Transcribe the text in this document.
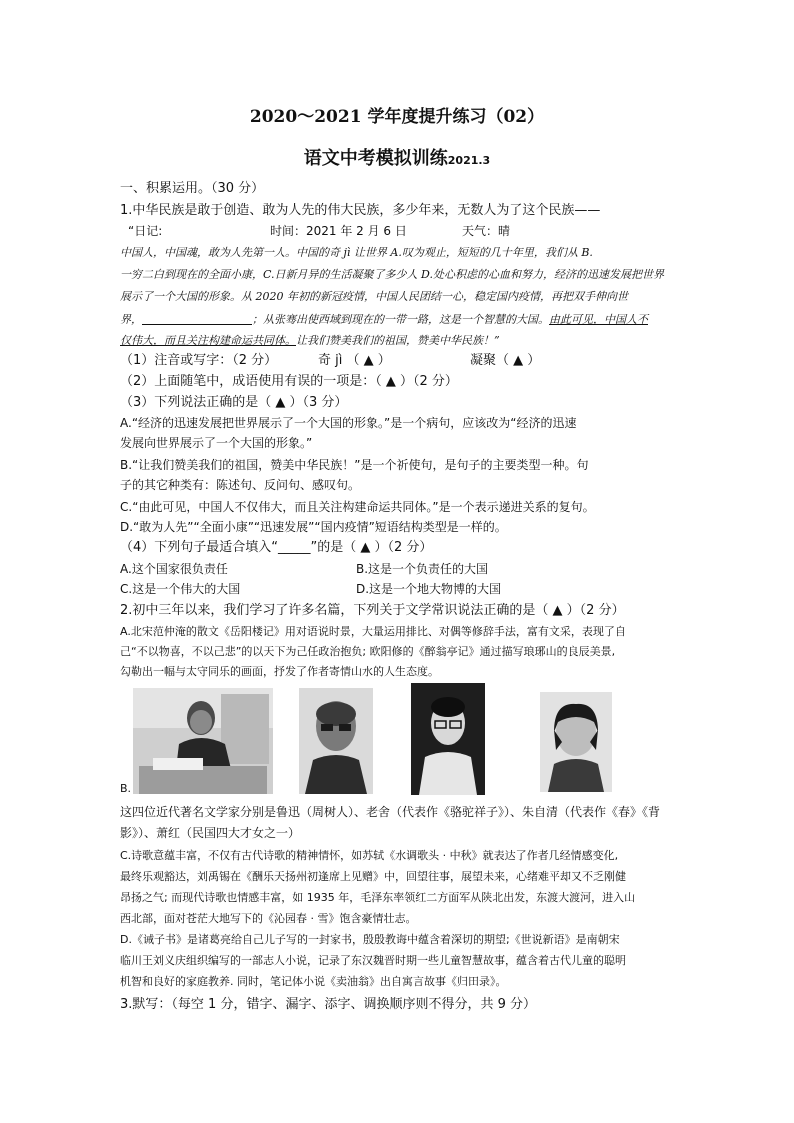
2020～2021 学年度提升练习（02）
语文中考模拟训练2021.3
一、积累运用。（30 分）
1.中华民族是敢于创造、敢为人先的伟大民族，多少年来，无数人为了这个民族——
“日记:	时间：2021 年 2 月 6 日	天气：晴
中国人，中国魂，敢为人先第一人。中国的奇 jì 让世界 A.叹为观止，短短的几十年里，我们从 B.
一穷二白到现在的全面小康，C.日新月异的生活凝聚了多少人 D.处心积虑的心血和努力，经济的迅速发展把世界
展示了一个大国的形象。从 2020 年初的新冠疫情，中国人民团结一心，稳定国内疫情，再把双手伸向世
界，	；从张骞出使西域到现在的一带一路，这是一个智慧的大国。由此可见，中国人不
仅伟大，而且关注构建命运共同体。让我们赞美我们的祖国，赞美中华民族！”
（1）注音或写字：（2 分）	奇 jì （ ▲ ）	凝聚（ ▲ ）
（2）上面随笔中，成语使用有误的一项是：（ ▲ ）（2 分）
（3）下列说法正确的是（ ▲ ）（3 分）
A.“经济的迅速发展把世界展示了一个大国的形象。”是一个病句，应该改为“经济的迅速
发展向世界展示了一个大国的形象。”
B.“让我们赞美我们的祖国，赞美中华民族！”是一个祈使句，是句子的主要类型一种。句
子的其它种类有：陈述句、反问句、感叹句。
C.“由此可见，中国人不仅伟大，而且关注构建命运共同体。”是一个表示递进关系的复句。
D.“敢为人先”“全面小康”“迅速发展”“国内疫情”短语结构类型是一样的。
（4）下列句子最适合填入“_____”的是（ ▲ ）（2 分）
A.这个国家很负责任	B.这是一个负责任的大国
C.这是一个伟大的大国	D.这是一个地大物博的大国
2.初中三年以来，我们学习了许多名篇，下列关于文学常识说法正确的是（ ▲ ）（2 分）
A.北宋范仲淹的散文《岳阳楼记》用对语说时景，大量运用排比、对偶等修辞手法，富有文采，表现了自
己“不以物喜，不以己悲”的以天下为己任政治抱负; 欧阳修的《醉翁亭记》通过描写琅琊山的良辰美景,
勾勒出一幅与太守同乐的画面，抒发了作者寄情山水的人生态度。
B.
这四位近代著名文学家分别是鲁迅（周树人）、老舍（代表作《骆驼祥子》）、朱自清（代表作《春》《背
影》）、萧红（民国四大才女之一）
C.诗歌意蕴丰富，不仅有古代诗歌的精神情怀，如苏轼《水调歌头 · 中秋》就表达了作者几经情感变化,
最终乐观豁达，刘禹锡在《酬乐天扬州初逢席上见赠》中，回望往事，展望未来，心绪难平却又不乏刚健
昂扬之气; 而现代诗歌也情感丰富，如 1935 年，毛泽东率领红二方面军从陕北出发，东渡大渡河，进入山
西北部，面对苍茫大地写下的《沁园春 · 雪》饱含豪情壮志。
D.《诫子书》是诸葛亮给自己儿子写的一封家书，殷殷教诲中蕴含着深切的期望;《世说新语》是南朝宋
临川王刘义庆组织编写的一部志人小说，记录了东汉魏晋时期一些儿童智慧故事，蕴含着古代儿童的聪明
机智和良好的家庭教养. 同时，笔记体小说《卖油翁》出自寓言故事《归田录》。
3.默写：（每空 1 分，错字、漏字、添字、调换顺序则不得分，共 9 分）
